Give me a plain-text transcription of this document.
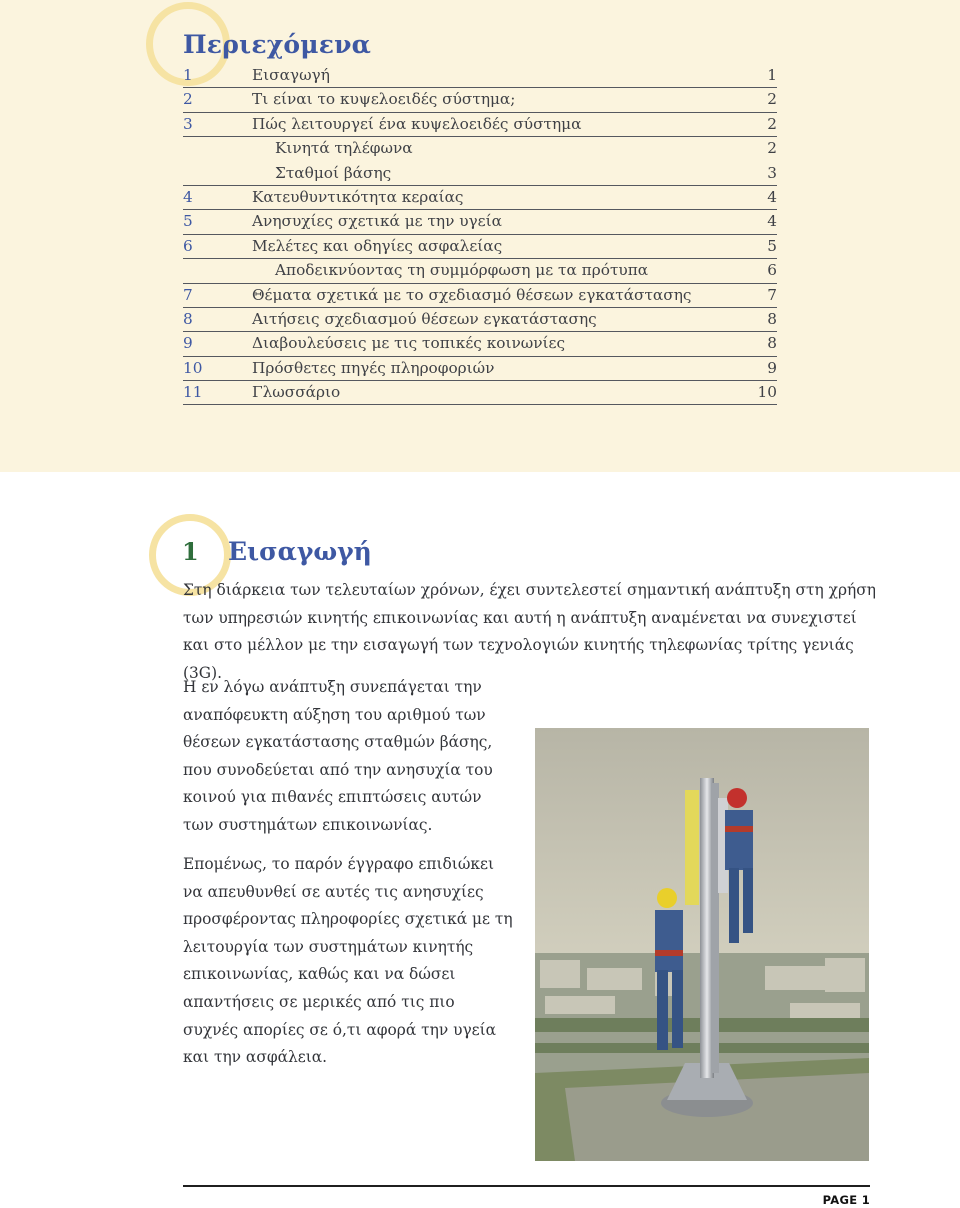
Περιεχόμενα
1	Εισαγωγή	1
2	Τι είναι το κυψελοειδές σύστημα;	2
3	Πώς λειτουργεί ένα κυψελοειδές σύστημα	2
Κινητά τηλέφωνα	2
Σταθμοί βάσης	3
4	Κατευθυντικότητα κεραίας	4
5	Ανησυχίες σχετικά με την υγεία	4
6	Μελέτες και οδηγίες ασφαλείας	5
Αποδεικνύοντας τη συμμόρφωση με τα πρότυπα	6
7	Θέματα σχετικά με το σχεδιασμό θέσεων εγκατάστασης	7
8	Αιτήσεις σχεδιασμού θέσεων εγκατάστασης	8
9	Διαβουλεύσεις με τις τοπικές κοινωνίες	8
10	Πρόσθετες πηγές πληροφοριών	9
11	Γλωσσάριο	10
1 Εισαγωγή

Στη διάρκεια των τελευταίων χρόνων, έχει συντελεστεί σημαντική ανάπτυξη στη χρήση των υπηρεσιών κινητής επικοινωνίας και αυτή η ανάπτυξη αναμένεται να συνεχιστεί και στο μέλλον με την εισαγωγή των τεχνολογιών κινητής τηλεφωνίας τρίτης γενιάς (3G).

Η εν λόγω ανάπτυξη συνεπάγεται την αναπόφευκτη αύξηση του αριθμού των θέσεων εγκατάστασης σταθμών βάσης, που συνοδεύεται από την ανησυχία του κοινού για πιθανές επιπτώσεις αυτών των συστημάτων επικοινωνίας.

Επομένως, το παρόν έγγραφο επιδιώκει να απευθυνθεί σε αυτές τις ανησυχίες προσφέροντας πληροφορίες σχετικά με τη λειτουργία των συστημάτων κινητής επικοινωνίας, καθώς και να δώσει απαντήσεις σε μερικές από τις πιο συχνές απορίες σε ό,τι αφορά την υγεία και την ασφάλεια.

PAGE 1
